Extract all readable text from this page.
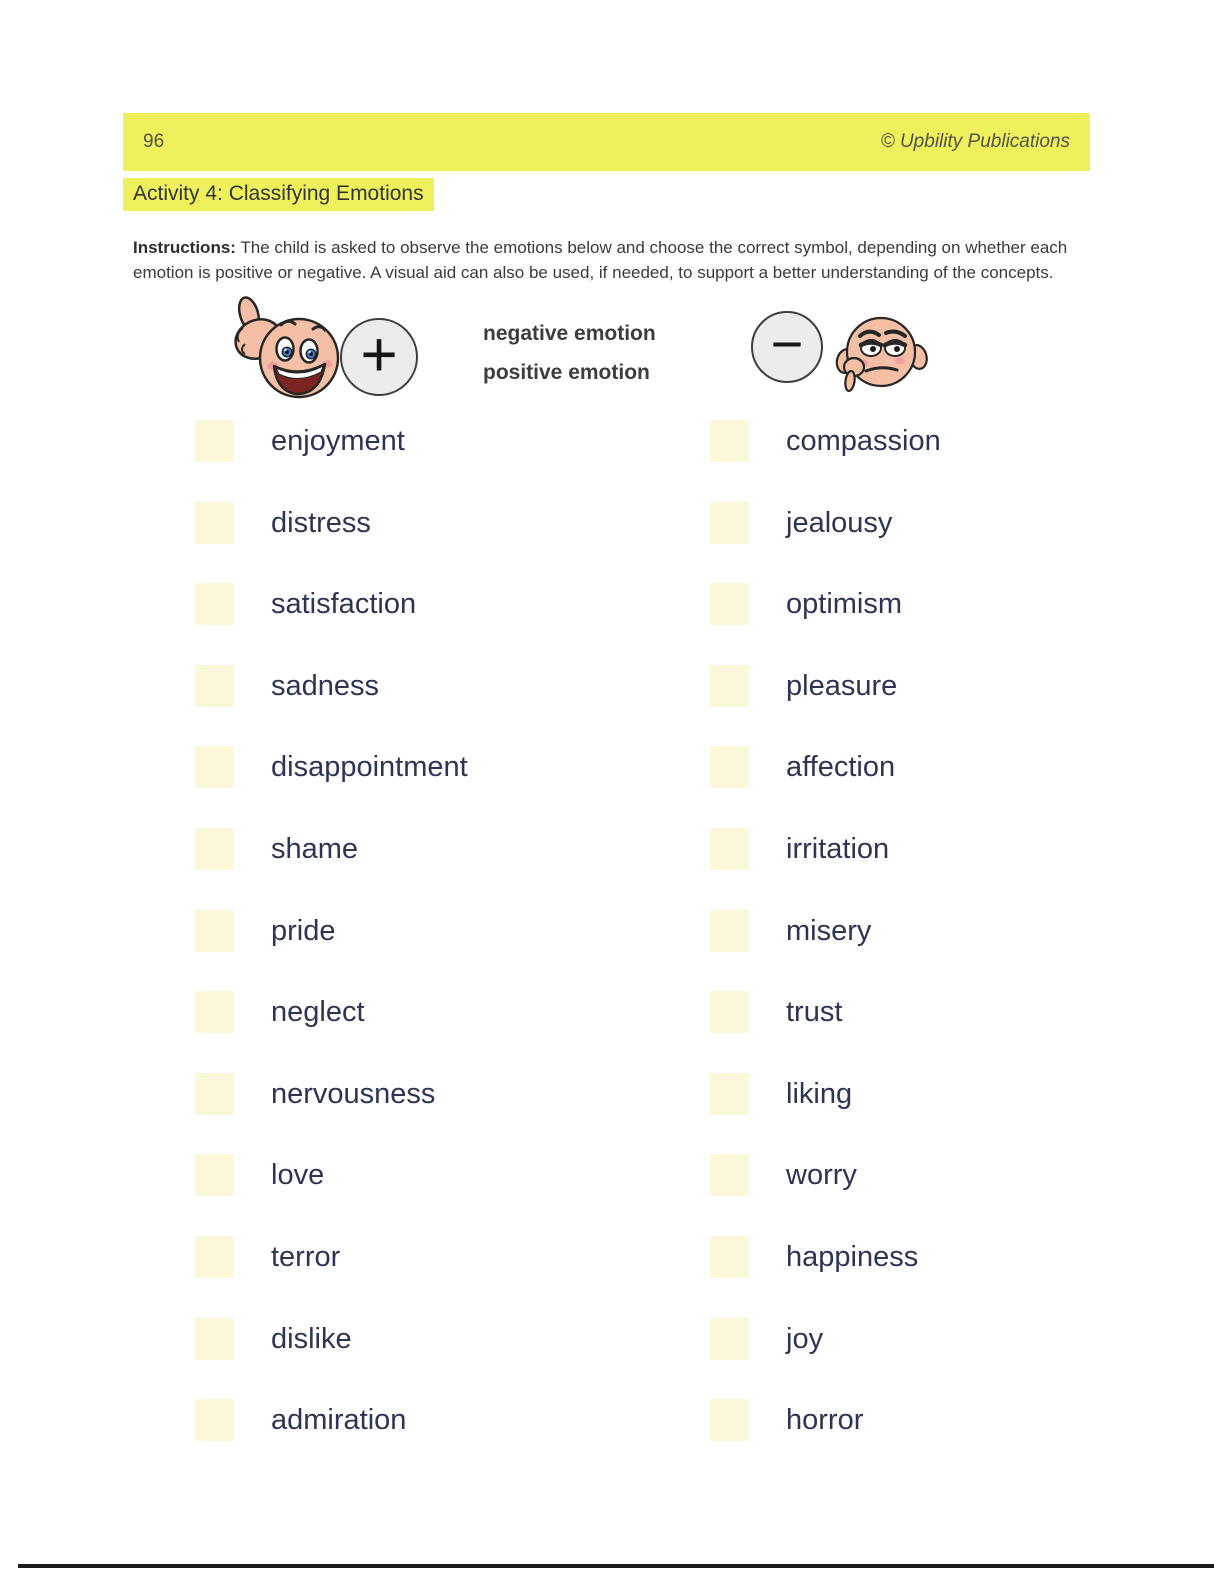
96	© Upbility Publications
Activity 4: Classifying Emotions

Instructions: The child is asked to observe the emotions below and choose the correct symbol, depending on whether each emotion is positive or negative. A visual aid can also be used, if needed, to support a better understanding of the concepts.

+	negative emotion
positive emotion −
enjoyment
distress
satisfaction
sadness
disappointment
shame
pride
neglect
nervousness
love
terror
dislike
admiration
compassion
jealousy
optimism
pleasure
affection
irritation
misery
trust
liking
worry
happiness
joy
horror
